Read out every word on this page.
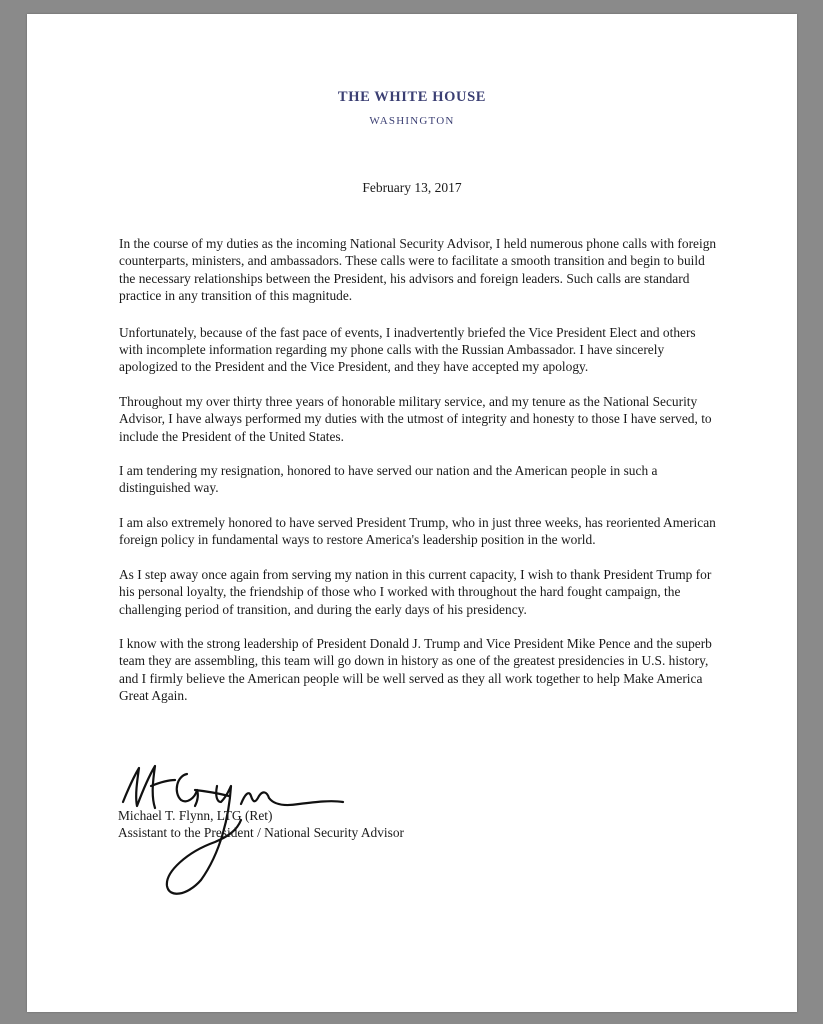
THE WHITE HOUSE
WASHINGTON
February 13, 2017

In the course of my duties as the incoming National Security Advisor, I held numerous phone calls with foreign counterparts, ministers, and ambassadors. These calls were to facilitate a smooth transition and begin to build the necessary relationships between the President, his advisors and foreign leaders. Such calls are standard practice in any transition of this magnitude.

Unfortunately, because of the fast pace of events, I inadvertently briefed the Vice President Elect and others with incomplete information regarding my phone calls with the Russian Ambassador. I have sincerely apologized to the President and the Vice President, and they have accepted my apology.

Throughout my over thirty three years of honorable military service, and my tenure as the National Security Advisor, I have always performed my duties with the utmost of integrity and honesty to those I have served, to include the President of the United States.

I am tendering my resignation, honored to have served our nation and the American people in such a distinguished way.

I am also extremely honored to have served President Trump, who in just three weeks, has reoriented American foreign policy in fundamental ways to restore America's leadership position in the world.

As I step away once again from serving my nation in this current capacity, I wish to thank President Trump for his personal loyalty, the friendship of those who I worked with throughout the hard fought campaign, the challenging period of transition, and during the early days of his presidency.

I know with the strong leadership of President Donald J. Trump and Vice President Mike Pence and the superb team they are assembling, this team will go down in history as one of the greatest presidencies in U.S. history, and I firmly believe the American people will be well served as they all work together to help Make America Great Again.

Michael T. Flynn, LTG (Ret)
Assistant to the President / National Security Advisor
